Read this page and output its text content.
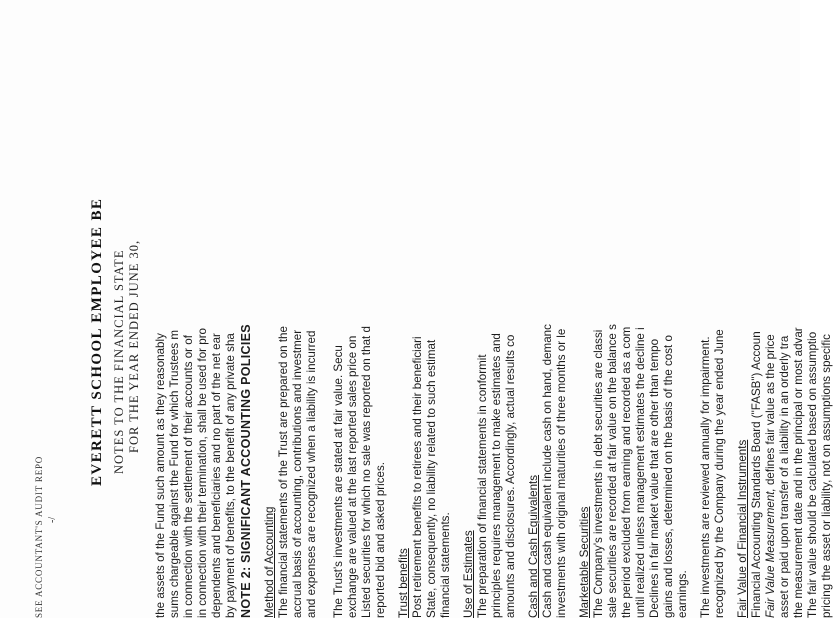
EVERETT SCHOOL EMPLOYEE BE NOTES TO THE FINANCIAL STATE FOR THE YEAR ENDED JUNE 30, the assets of the Fund such amount as they reasonably sums chargeable against the Fund for which Trustees m in connection with the settlement of their accounts or of in connection with their termination, shall be used for pro dependents and beneficiaries and no part of the net ear by payment of benefits, to the benefit of any private sha NOTE 2: SIGNIFICANT ACCOUNTING POLICIES Method of Accounting The financial statements of the Trust are prepared on the accrual basis of accounting, contributions and investmer and expenses are recognized when a liability is incurred The Trust's investments are stated at fair value. Secu exchange are valued at the last reported sales price on Listed securities for which no sale was reported on that d reported bid and asked prices. Trust benefits Post retirement benefits to retirees and their beneficiari State, consequently, no liability related to such estimat financial statements. Use of Estimates The preparation of financial statements in conformit principles requires management to make estimates and amounts and disclosures. Accordingly, actual results co Cash and Cash Equivalents Cash and cash equivalent include cash on hand, demanc investments with original maturities of three months or le Marketable Securities The Company's investments in debt securities are classi sale securities are recorded at fair value on the balance s the period excluded from earning and recorded as a com until realized unless management estimates the decline i Declines in fair market value that are other than tempo gains and losses, determined on the basis of the cost o earnings. The investments are reviewed annually for impairment. recognized by the Company during the year ended June Fair Value of Financial Instruments Financial Accounting Standards Board ("FASB") Accoun Fair Value Measurement, defines fair value as the price asset or paid upon transfer of a liability in an orderly tra the measurement date and in the principal or most advar The fair value should be calculated based on assumptio pricing the asset or liability, not on assumptions specific
SEE ACCOUNTANT'S AUDIT REPO -/
